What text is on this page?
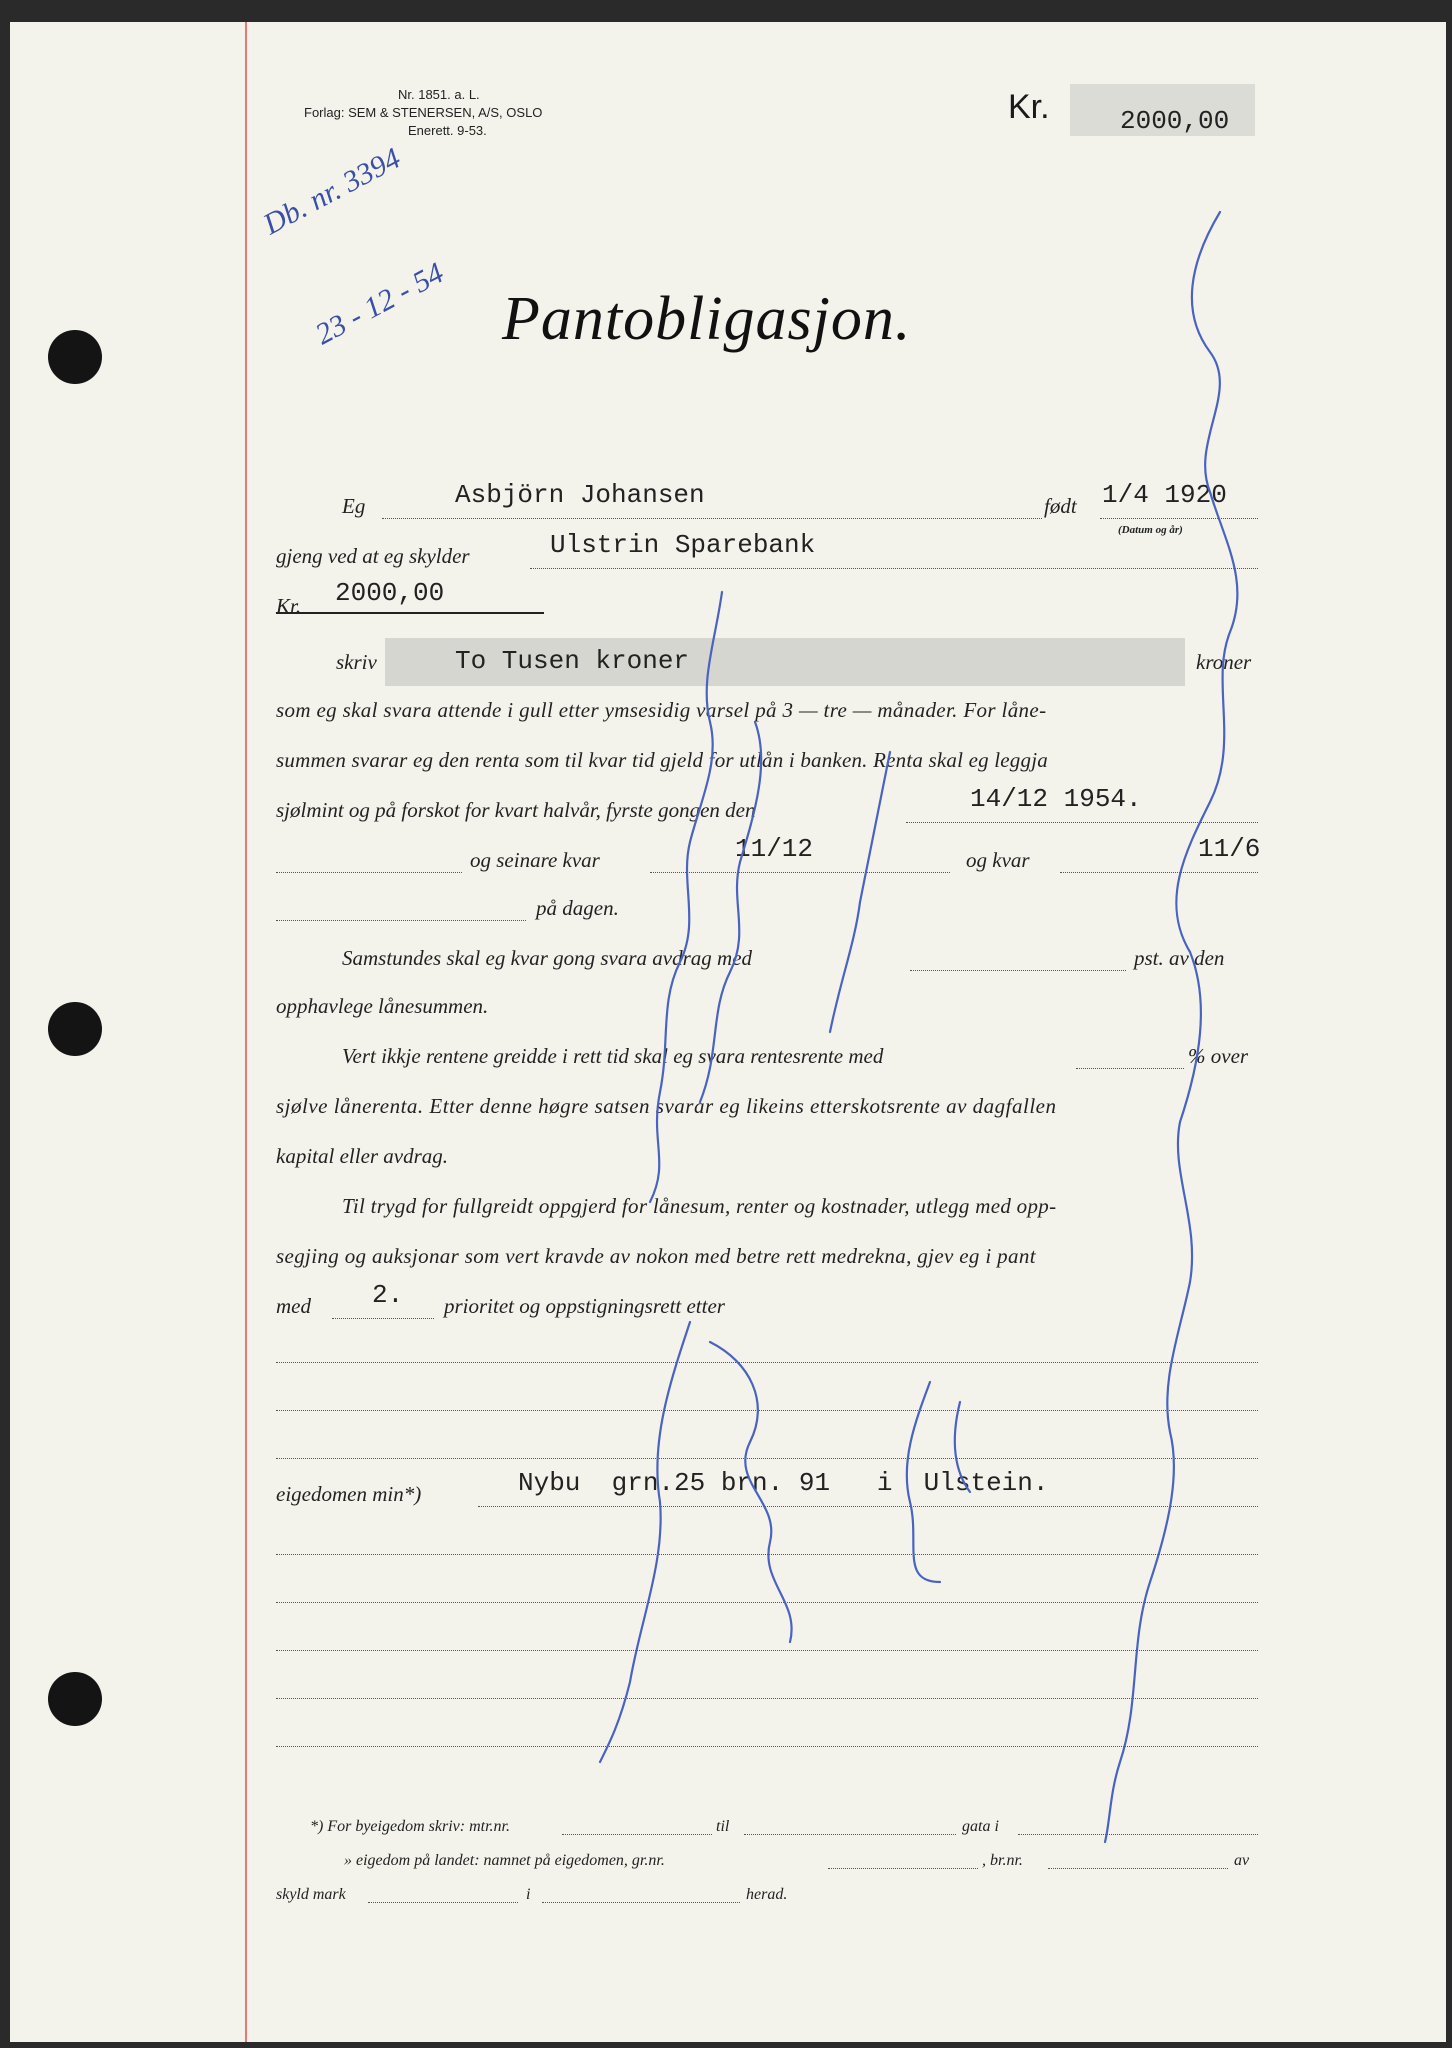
Nr. 1851. a. L.
Forlag: SEM & STENERSEN, A/S, OSLO
Enerett. 9-53.
Kr.	2000,00
Db. nr. 3394
23 - 12 - 54 Pantobligasjon.
Eg	Asbjörn Johansen	født 1/4 1920
(Datum og år)
gjeng ved at eg skylder	Ulstrin Sparebank
Kr. 2000,00
skriv	To Tusen kroner	kroner
som eg skal svara attende i gull etter ymsesidig varsel på 3 — tre — månader. For låne-
summen svarar eg den renta som til kvar tid gjeld for utlån i banken. Renta skal eg leggja
sjølmint og på forskot for kvart halvår, fyrste gongen den	14/12 1954.
og seinare kvar	11/12	og kvar	11/6
på dagen.
Samstundes skal eg kvar gong svara avdrag med	pst. av den
opphavlege lånesummen.
Vert ikkje rentene greidde i rett tid skal eg svara rentesrente med	% over
sjølve lånerenta. Etter denne høgre satsen svarar eg likeins etterskotsrente av dagfallen
kapital eller avdrag.
Til trygd for fullgreidt oppgjerd for lånesum, renter og kostnader, utlegg med opp-
segjing og auksjonar som vert kravde av nokon med betre rett medrekna, gjev eg i pant
med 2. prioritet og oppstigningsrett etter
eigedomen min*)	Nybu  grn.25 brn. 91   i  Ulstein.
*) For byeigedom skriv: mtr.nr.	til	gata i
» eigedom på landet: namnet på eigedomen, gr.nr.	, br.nr.	av
skyld mark	i	herad.
